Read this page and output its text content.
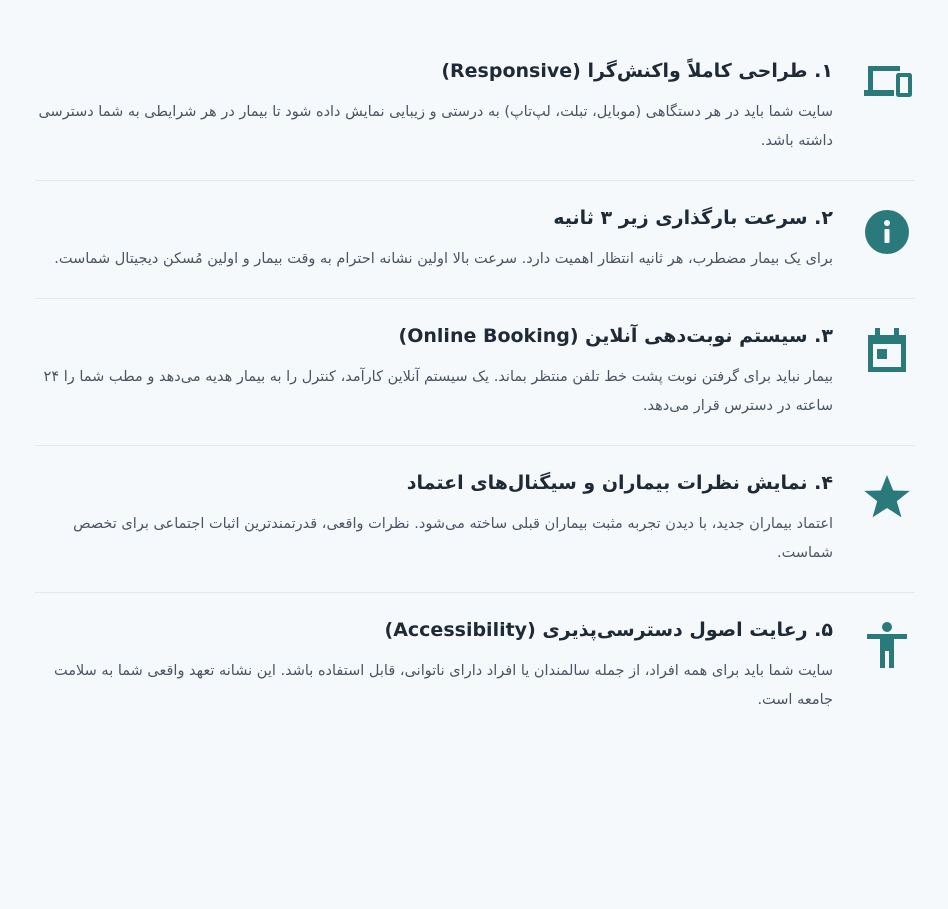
۱. طراحی کاملاً واکنش‌گرا (Responsive)

سایت شما باید در هر دستگاهی (موبایل، تبلت، لپ‌تاپ) به درستی و زیبایی نمایش داده شود تا بیمار در هر شرایطی به شما دسترسی داشته باشد.

۲. سرعت بارگذاری زیر ۳ ثانیه

برای یک بیمار مضطرب، هر ثانیه انتظار اهمیت دارد. سرعت بالا اولین نشانه احترام به وقت بیمار و اولین مُسکن دیجیتال شماست.

۳. سیستم نوبت‌دهی آنلاین (Online Booking)

بیمار نباید برای گرفتن نوبت پشت خط تلفن منتظر بماند. یک سیستم آنلاین کارآمد، کنترل را به بیمار هدیه می‌دهد و مطب شما را ۲۴ ساعته در دسترس قرار می‌دهد.

۴. نمایش نظرات بیماران و سیگنال‌های اعتماد

اعتماد بیماران جدید، با دیدن تجربه مثبت بیماران قبلی ساخته می‌شود. نظرات واقعی، قدرتمندترین اثبات اجتماعی برای تخصص شماست.

۵. رعایت اصول دسترسی‌پذیری (Accessibility)

سایت شما باید برای همه افراد، از جمله سالمندان یا افراد دارای ناتوانی، قابل استفاده باشد. این نشانه تعهد واقعی شما به سلامت جامعه است.
